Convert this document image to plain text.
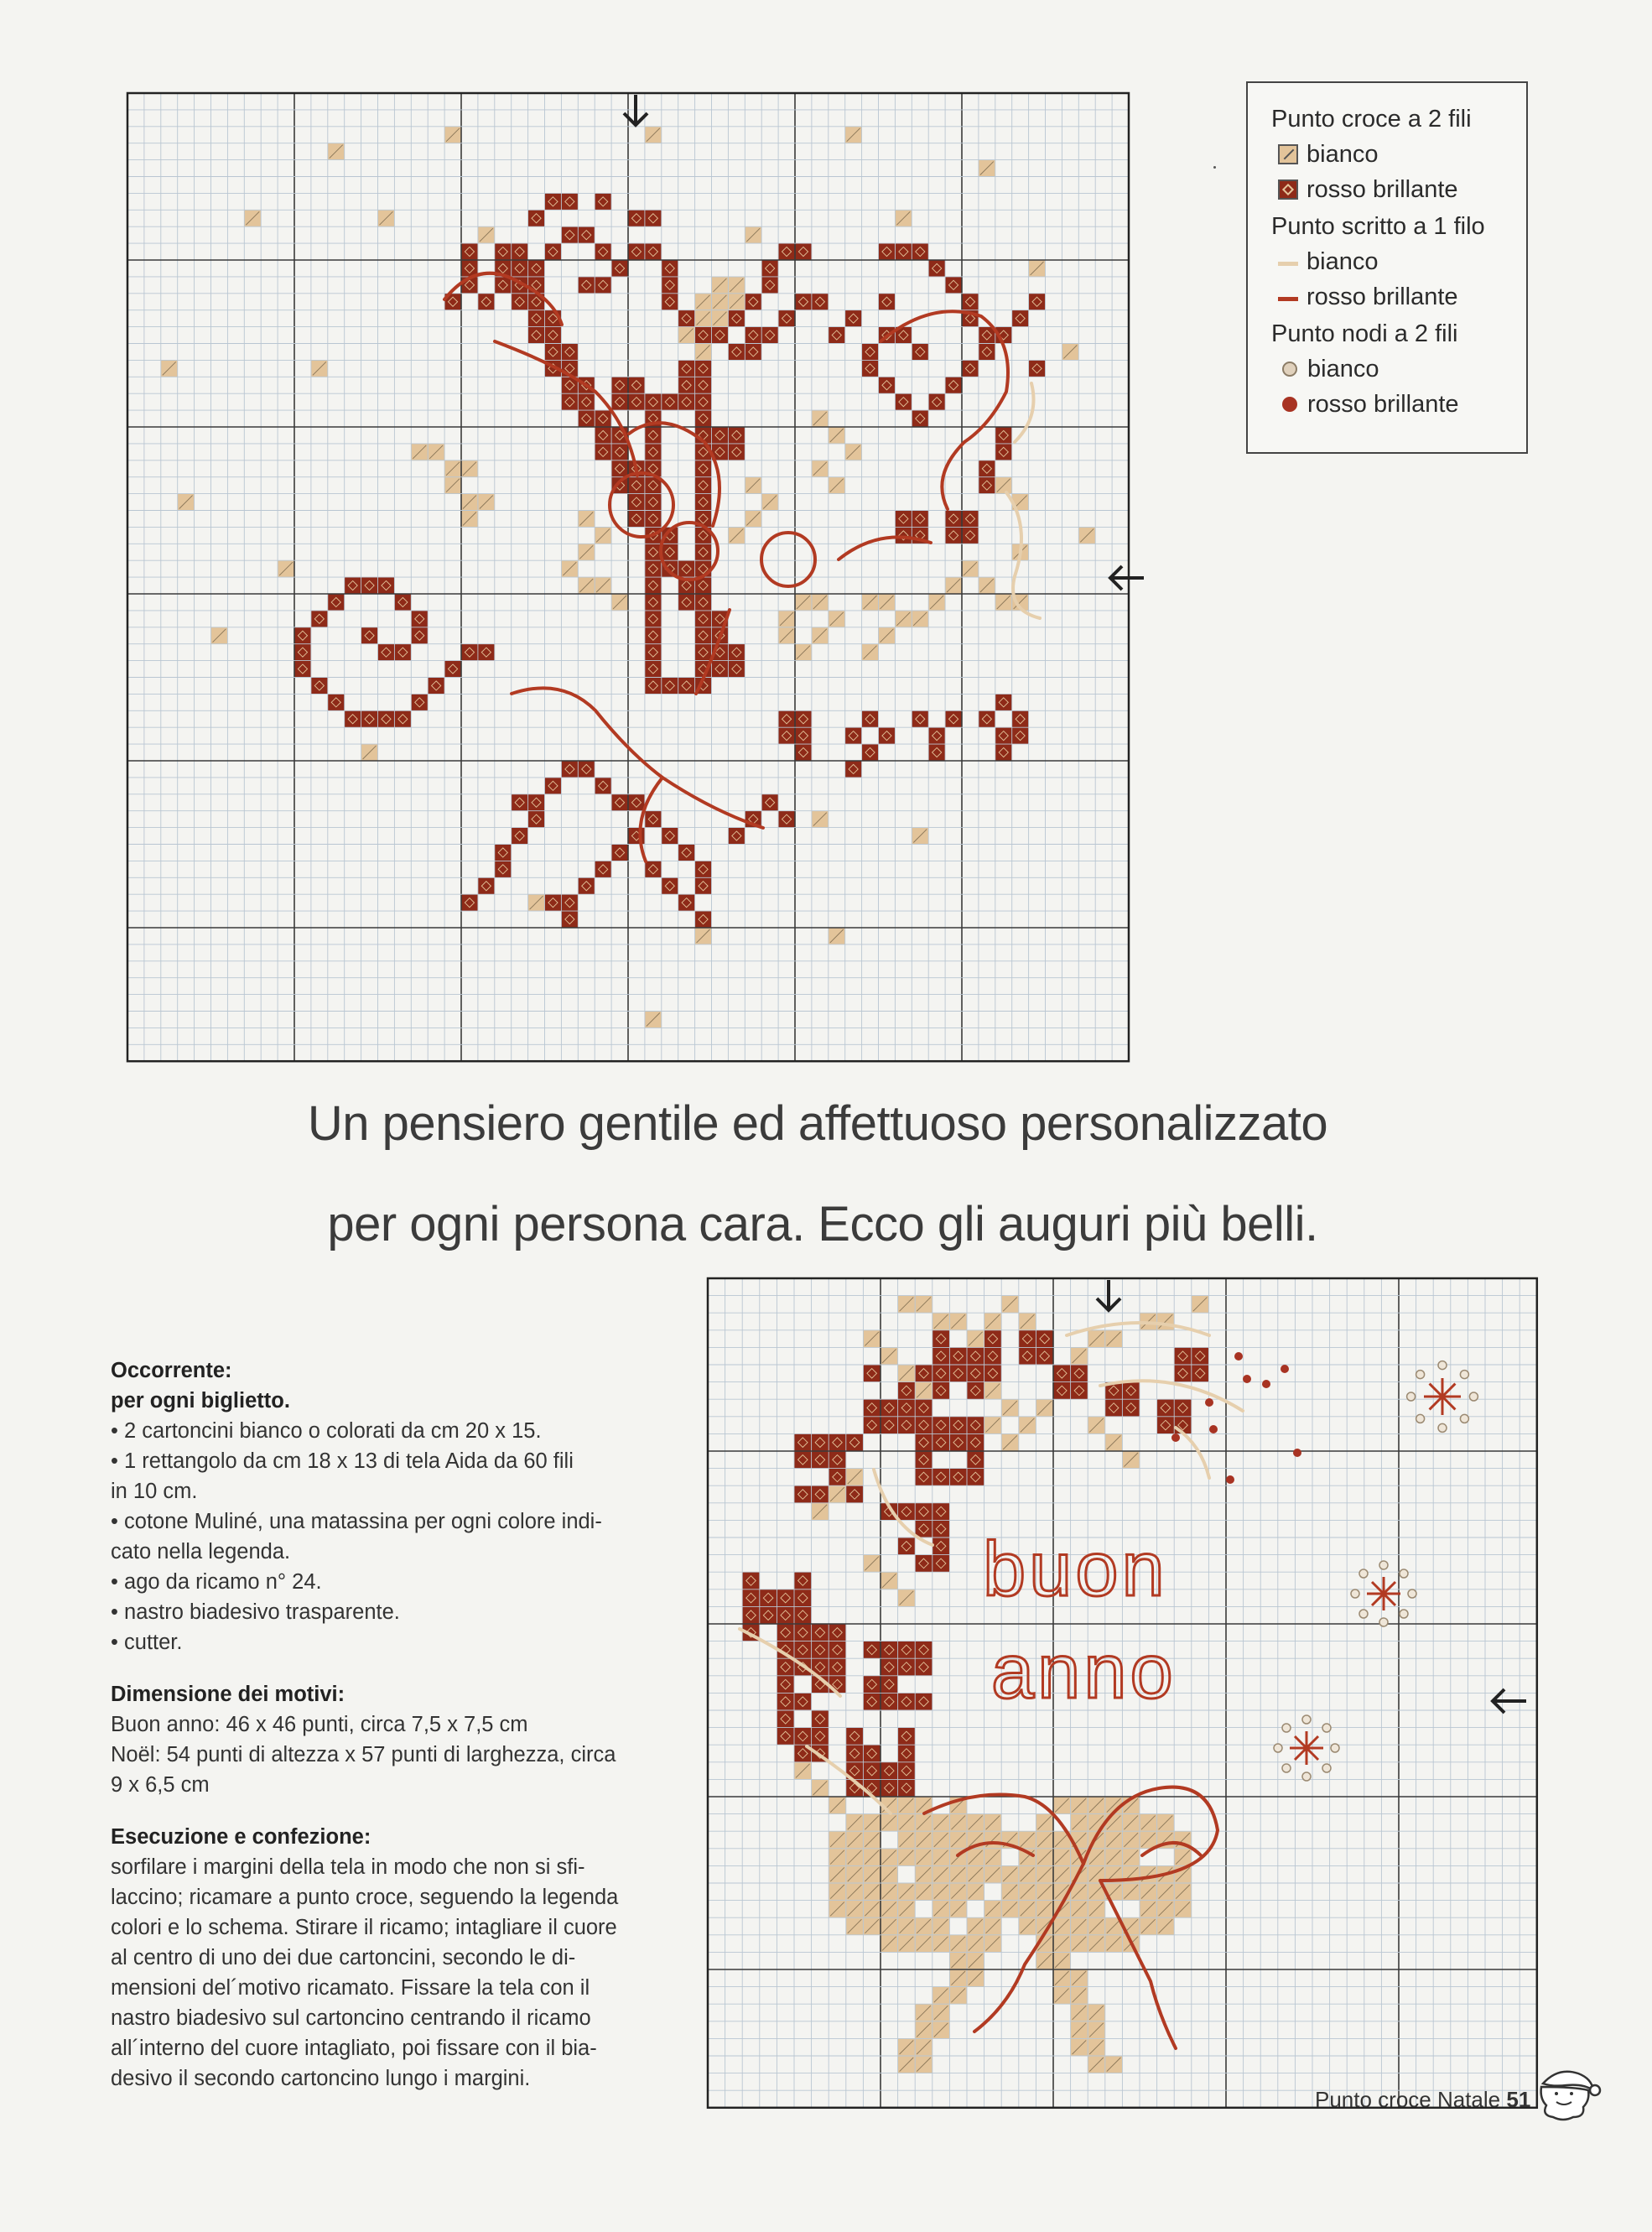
Punto croce a 2 fili
bianco
rosso brillante
Punto scritto a 1 filo
bianco
rosso brillante
Punto nodi a 2 fili
bianco
rosso brillante
Un pensiero gentile ed affettuoso personalizzato
per ogni persona cara. Ecco gli auguri più belli.
Occorrente:
per ogni biglietto.
• 2 cartoncini bianco o colorati da cm 20 x 15.
• 1 rettangolo da cm 18 x 13 di tela Aida da 60 fili
in 10 cm.
• cotone Muliné, una matassina per ogni colore indi-
cato nella legenda.
• ago da ricamo n° 24.
• nastro biadesivo trasparente.
• cutter.
Dimensione dei motivi:
Buon anno: 46 x 46 punti, circa 7,5 x 7,5 cm
Noël: 54 punti di altezza x 57 punti di larghezza, circa
9 x 6,5 cm
Esecuzione e confezione:
sorfilare i margini della tela in modo che non si sfi-
laccino; ricamare a punto croce, seguendo la legenda
colori e lo schema. Stirare il ricamo; intagliare il cuore
al centro di uno dei due cartoncini, secondo le di-
mensioni del´motivo ricamato. Fissare la tela con il
nastro biadesivo sul cartoncino centrando il ricamo
all´interno del cuore intagliato, poi fissare con il bia-
desivo il secondo cartoncino lungo i margini.
buon
anno
Punto croce Natale 51
